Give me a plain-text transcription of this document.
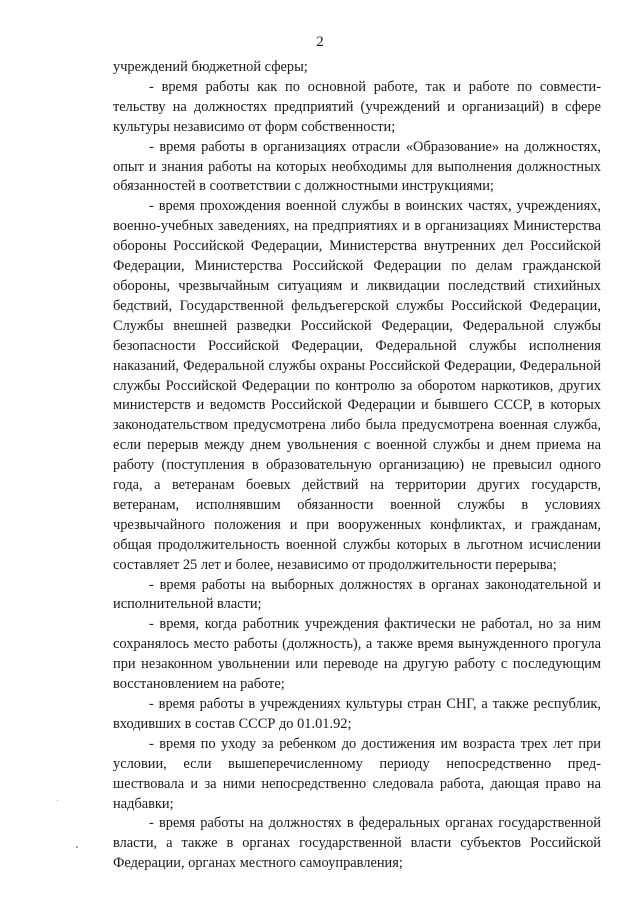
2

учреждений бюджетной сферы;

- время работы как по основной работе, так и работе по совместительству на должностях предприятий (учреждений и организаций) в сфере культуры независимо от форм собственности;

- время работы в организациях отрасли «Образование» на должностях, опыт и знания работы на которых необходимы для выполнения должностных обязанностей в соответствии с должностными инструкциями;

- время прохождения военной службы в воинских частях, учреждениях, военно-учебных заведениях, на предприятиях и в организациях Министерства обороны Российской Федерации, Министерства внутренних дел Российской Федерации, Министерства Российской Федерации по делам гражданской обороны, чрезвычайным ситуациям и ликвидации последствий стихийных бедствий, Государственной фельдъегерской службы Российской Федерации, Службы внешней разведки Российской Федерации, Федеральной службы безопасности Российской Федерации, Федеральной службы исполнения наказаний, Федеральной службы охраны Российской Федерации, Федеральной службы Российской Федерации по контролю за оборотом наркотиков, других министерств и ведомств Российской Федерации и бывшего СССР, в которых законодательством предусмотрена либо была предусмотрена военная служба, если перерыв между днем увольнения с военной службы и днем приема на работу (поступления в образовательную организацию) не превысил одного года, а ветеранам боевых действий на территории других государств, ветеранам, исполнявшим обязанности военной службы в условиях чрезвычайного положения и при вооруженных конфликтах, и гражданам, общая продолжительность военной службы которых в льготном исчислении составляет 25 лет и более, независимо от продолжительности перерыва;

- время работы на выборных должностях в органах законодательной и исполнительной власти;

- время, когда работник учреждения фактически не работал, но за ним сохранялось место работы (должность), а также время вынужденного прогула при незаконном увольнении или переводе на другую работу с последующим восстановлением на работе;

- время работы в учреждениях культуры стран СНГ, а также республик, входивших в состав СССР до 01.01.92;

- время по уходу за ребенком до достижения им возраста трех лет при условии, если вышеперечисленному периоду непосредственно предшествовала и за ними непосредственно следовала работа, дающая право на надбавки;

- время работы на должностях в федеральных органах государственной власти, а также в органах государственной власти субъектов Российской Федерации, органах местного самоуправления;
